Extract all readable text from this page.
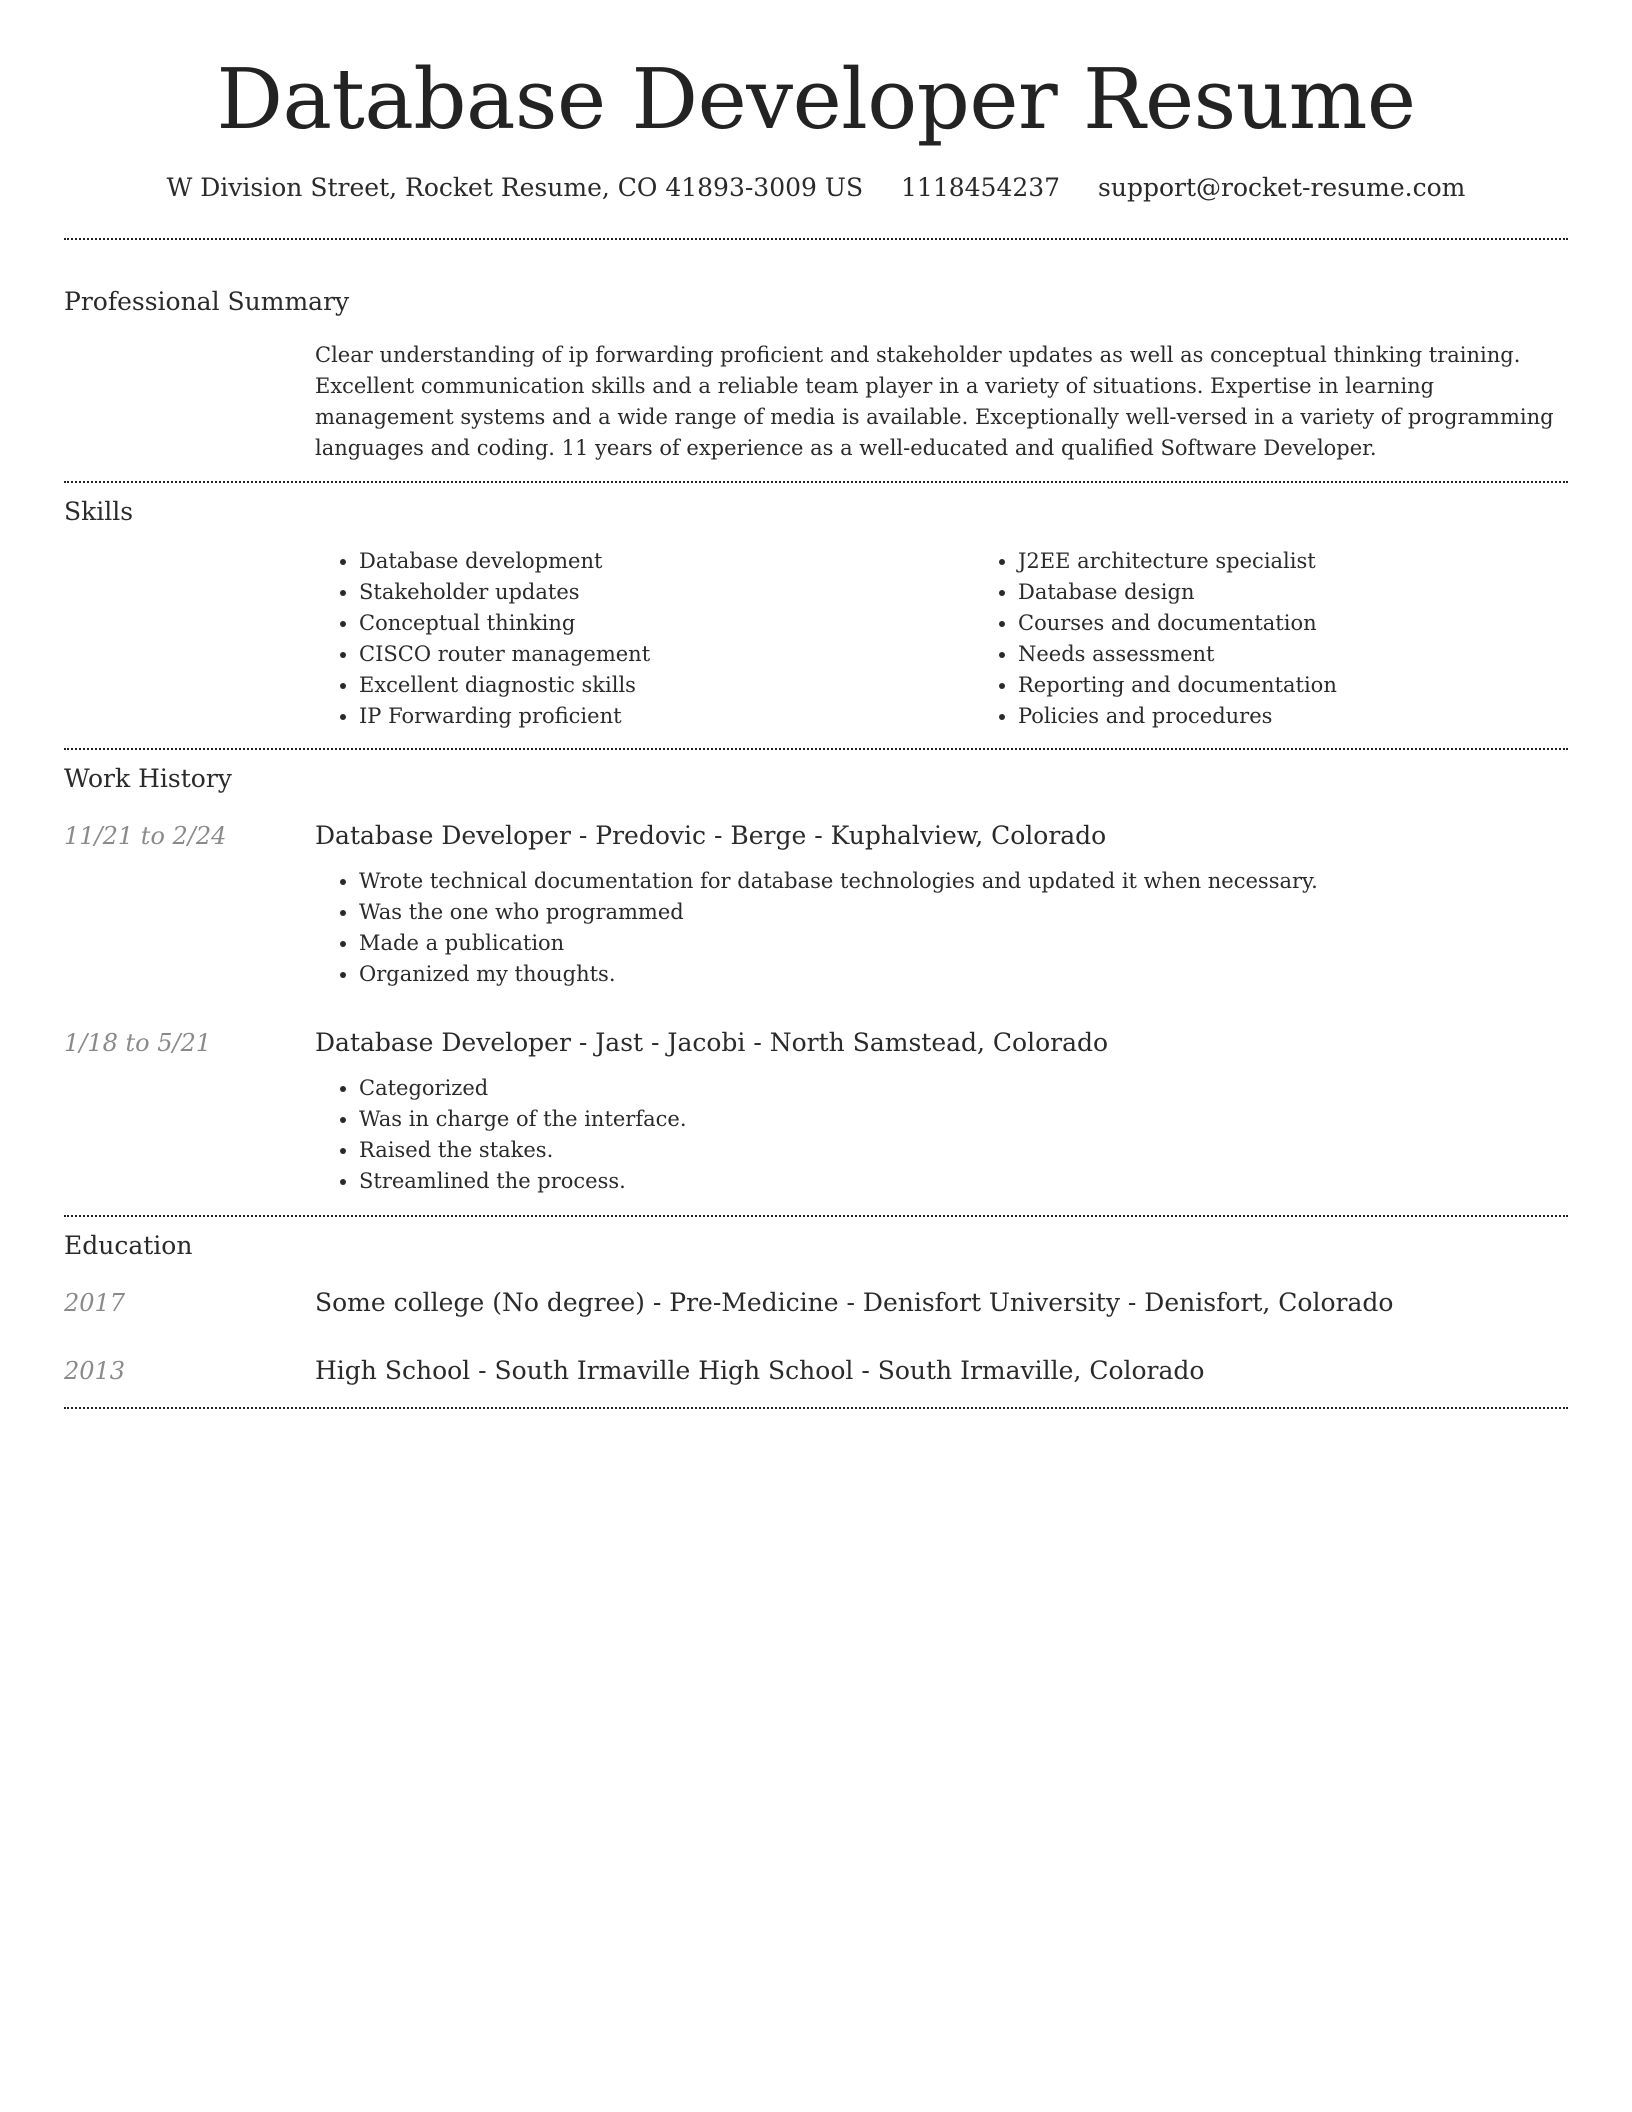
Database Developer Resume
W Division Street, Rocket Resume, CO 41893-3009 US 1118454237 support@rocket-resume.com
Professional Summary

Clear understanding of ip forwarding proficient and stakeholder updates as well as conceptual thinking training. Excellent communication skills and a reliable team player in a variety of situations. Expertise in learning management systems and a wide range of media is available. Exceptionally well-versed in a variety of programming languages and coding. 11 years of experience as a well-educated and qualified Software Developer.

Skills
• Database development
• Stakeholder updates
• Conceptual thinking
• CISCO router management
• Excellent diagnostic skills
• IP Forwarding proficient
• J2EE architecture specialist
• Database design
• Courses and documentation
• Needs assessment
• Reporting and documentation
• Policies and procedures
Work History
11/21 to 2/24	Database Developer - Predovic - Berge - Kuphalview, Colorado
• Wrote technical documentation for database technologies and updated it when necessary.
• Was the one who programmed
• Made a publication
• Organized my thoughts.
1/18 to 5/21	Database Developer - Jast - Jacobi - North Samstead, Colorado
• Categorized
• Was in charge of the interface.
• Raised the stakes.
• Streamlined the process.
Education
2017	Some college (No degree) - Pre-Medicine - Denisfort University - Denisfort, Colorado
2013	High School - South Irmaville High School - South Irmaville, Colorado
